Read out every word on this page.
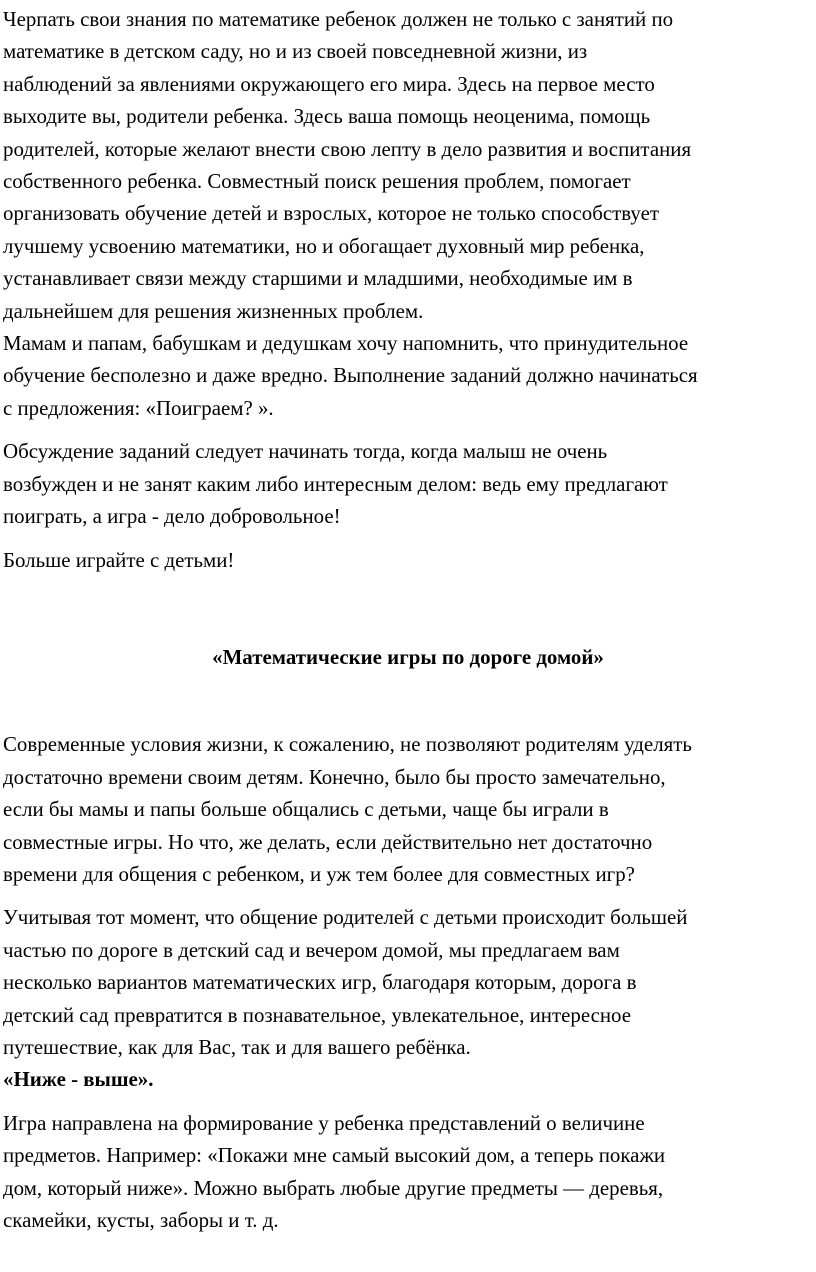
Черпать свои знания по математике ребенок должен не только с занятий по
математике в детском саду, но и из своей повседневной жизни, из
наблюдений за явлениями окружающего его мира. Здесь на первое место
выходите вы, родители ребенка. Здесь ваша помощь неоценима, помощь
родителей, которые желают внести свою лепту в дело развития и воспитания
собственного ребенка. Совместный поиск решения проблем, помогает
организовать обучение детей и взрослых, которое не только способствует
лучшему усвоению математики, но и обогащает духовный мир ребенка,
устанавливает связи между старшими и младшими, необходимые им в
дальнейшем для решения жизненных проблем.

Мамам и папам, бабушкам и дедушкам хочу напомнить, что принудительное
обучение бесполезно и даже вредно. Выполнение заданий должно начинаться
с предложения: «Поиграем? ».

Обсуждение заданий следует начинать тогда, когда малыш не очень
возбужден и не занят каким либо интересным делом: ведь ему предлагают
поиграть, а игра - дело добровольное!

Больше играйте с детьми!

«Математические игры по дороге домой»

Современные условия жизни, к сожалению, не позволяют родителям уделять
достаточно времени своим детям. Конечно, было бы просто замечательно,
если бы мамы и папы больше общались с детьми, чаще бы играли в
совместные игры. Но что, же делать, если действительно нет достаточно
времени для общения с ребенком, и уж тем более для совместных игр?

Учитывая тот момент, что общение родителей с детьми происходит большей
частью по дороге в детский сад и вечером домой, мы предлагаем вам
несколько вариантов математических игр, благодаря которым, дорога в
детский сад превратится в познавательное, увлекательное, интересное
путешествие, как для Вас, так и для вашего ребёнка.

«Ниже - выше».

Игра направлена на формирование у ребенка представлений о величине
предметов. Например: «Покажи мне самый высокий дом, а теперь покажи
дом, который ниже». Можно выбрать любые другие предметы — деревья,
скамейки, кусты, заборы и т. д.
